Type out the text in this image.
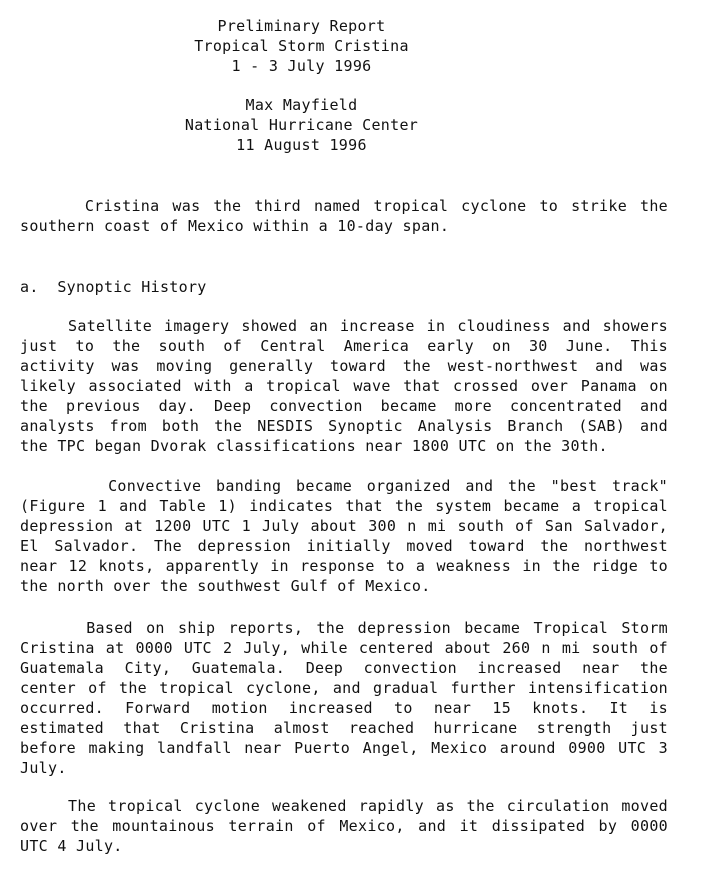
Preliminary Report
Tropical Storm Cristina
1 - 3 July 1996
Max Mayfield
National Hurricane Center
11 August 1996
Cristina was the third named tropical cyclone to strike the
southern coast of Mexico within a 10-day span.
a.  Synoptic History
Satellite imagery showed an increase in cloudiness and showers
just to the south of Central America early on 30 June. This
activity was moving generally toward the west-northwest and was
likely associated with a tropical wave that crossed over Panama on
the previous day. Deep convection became more concentrated and
analysts from both the NESDIS Synoptic Analysis Branch (SAB) and
the TPC began Dvorak classifications near 1800 UTC on the 30th.
Convective banding became organized and the "best track"
(Figure 1 and Table 1) indicates that the system became a tropical
depression at 1200 UTC 1 July about 300 n mi south of San Salvador,
El Salvador. The depression initially moved toward the northwest
near 12 knots, apparently in response to a weakness in the ridge to
the north over the southwest Gulf of Mexico.
Based on ship reports, the depression became Tropical Storm
Cristina at 0000 UTC 2 July, while centered about 260 n mi south of
Guatemala City, Guatemala. Deep convection increased near the
center of the tropical cyclone, and gradual further intensification
occurred. Forward motion increased to near 15 knots. It is
estimated that Cristina almost reached hurricane strength just
before making landfall near Puerto Angel, Mexico around 0900 UTC 3
July.
The tropical cyclone weakened rapidly as the circulation moved
over the mountainous terrain of Mexico, and it dissipated by 0000
UTC 4 July.
